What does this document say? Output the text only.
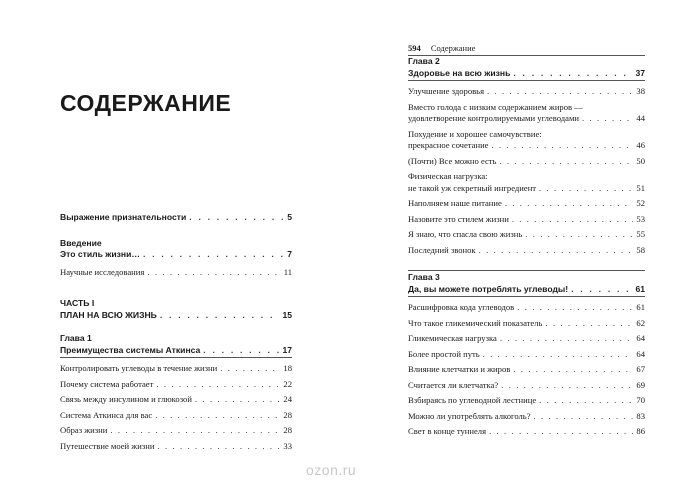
СОДЕРЖАНИЕ
Выражение признательности . . .	5
Введение
Это стиль жизни… . . .	7
Научные исследования . . .	11
ЧАСТЬ I
ПЛАН НА ВСЮ ЖИЗНЬ . . .	15
Глава 1
Преимущества системы Аткинса . . .	17
Контролировать углеводы в течение жизни . . .	18
Почему система работает . . .	22
Связь между инсулином и глюкозой . . .	24
Система Аткинса для вас . . .	28
Образ жизни . . .	28
Путешествие моей жизни . . .	33
594 Содержание
Глава 2
Здоровье на всю жизнь . . .	37
Улучшение здоровья . . .	38
Вместо голода с низким содержанием жиров —
удовлетворение контролируемыми углеводами . . .	44
Похудение и хорошее самочувствие:
прекрасное сочетание . . .	46
(Почти) Все можно есть . . .	50
Физическая нагрузка:
не такой уж секретный ингредиент . . .	51
Наполняем наше питание . . .	52
Назовите это стилем жизни . . .	53
Я знаю, что спасла свою жизнь . . .	55
Последний звонок . . .	58
Глава 3
Да, вы можете потреблять углеводы! . . .	61
Расшифровка кода углеводов . . .	61
Что такое гликемический показатель . . .	62
Гликемическая нагрузка . . .	64
Более простой путь . . .	64
Влияние клетчатки и жиров . . .	67
Считается ли клетчатка? . . .	69
Взбираясь по углеводной лестнице . . .	70
Можно ли употреблять алкоголь? . . .	83
Свет в конце туннеля . . .	86
ozon.ru
